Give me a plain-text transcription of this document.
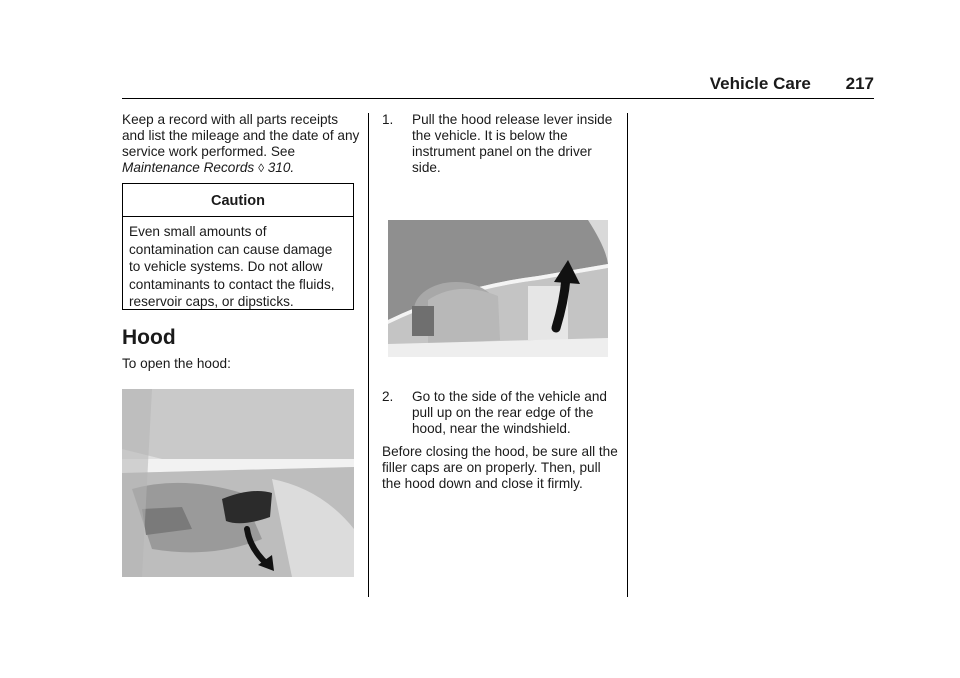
Vehicle Care 217

Keep a record with all parts receipts and list the mileage and the date of any service work performed. See Maintenance Records ◊ 310.

Caution
Even small amounts of contamination can cause damage to vehicle systems. Do not allow contaminants to contact the fluids, reservoir caps, or dipsticks.
Hood

To open the hood:

1. Pull the hood release lever inside the vehicle. It is below the instrument panel on the driver side.
2. Go to the side of the vehicle and pull up on the rear edge of the hood, near the windshield.

Before closing the hood, be sure all the filler caps are on properly. Then, pull the hood down and close it firmly.
